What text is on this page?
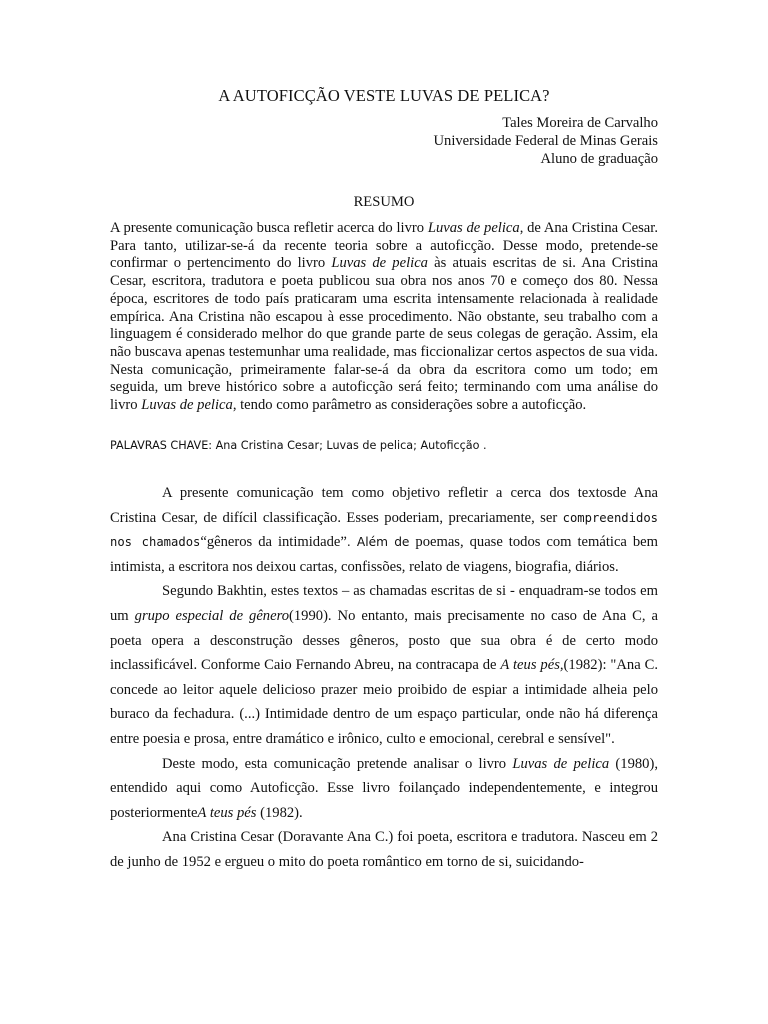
A AUTOFICÇÃO VESTE LUVAS DE PELICA?
Tales Moreira de Carvalho
Universidade Federal de Minas Gerais
Aluno de graduação
RESUMO
A presente comunicação busca refletir acerca do livro Luvas de pelica, de Ana Cristina Cesar. Para tanto, utilizar-se-á da recente teoria sobre a autoficção. Desse modo, pretende-se confirmar o pertencimento do livro Luvas de pelica às atuais escritas de si. Ana Cristina Cesar, escritora, tradutora e poeta publicou sua obra nos anos 70 e começo dos 80. Nessa época, escritores de todo país praticaram uma escrita intensamente relacionada à realidade empírica. Ana Cristina não escapou à esse procedimento. Não obstante, seu trabalho com a linguagem é considerado melhor do que grande parte de seus colegas de geração. Assim, ela não buscava apenas testemunhar uma realidade, mas ficcionalizar certos aspectos de sua vida. Nesta comunicação, primeiramente falar-se-á da obra da escritora como um todo; em seguida, um breve histórico sobre a autoficção será feito; terminando com uma análise do livro Luvas de pelica, tendo como parâmetro as considerações sobre a autoficção.
PALAVRAS CHAVE: Ana Cristina Cesar; Luvas de pelica; Autoficção .

A presente comunicação tem como objetivo refletir a cerca dos textosde Ana Cristina Cesar, de difícil classificação. Esses poderiam, precariamente, ser compreendidos nos chamados“gêneros da intimidade”. Além de poemas, quase todos com temática bem intimista, a escritora nos deixou cartas, confissões, relato de viagens, biografia, diários.

Segundo Bakhtin, estes textos – as chamadas escritas de si - enquadram-se todos em um grupo especial de gênero(1990). No entanto, mais precisamente no caso de Ana C, a poeta opera a desconstrução desses gêneros, posto que sua obra é de certo modo inclassificável. Conforme Caio Fernando Abreu, na contracapa de A teus pés,(1982): "Ana C. concede ao leitor aquele delicioso prazer meio proibido de espiar a intimidade alheia pelo buraco da fechadura. (...) Intimidade dentro de um espaço particular, onde não há diferença entre poesia e prosa, entre dramático e irônico, culto e emocional, cerebral e sensível".

Deste modo, esta comunicação pretende analisar o livro Luvas de pelica (1980), entendido aqui como Autoficção. Esse livro foilançado independentemente, e integrou posteriormenteA teus pés (1982).

Ana Cristina Cesar (Doravante Ana C.) foi poeta, escritora e tradutora. Nasceu em 2 de junho de 1952 e ergueu o mito do poeta romântico em torno de si, suicidando-
